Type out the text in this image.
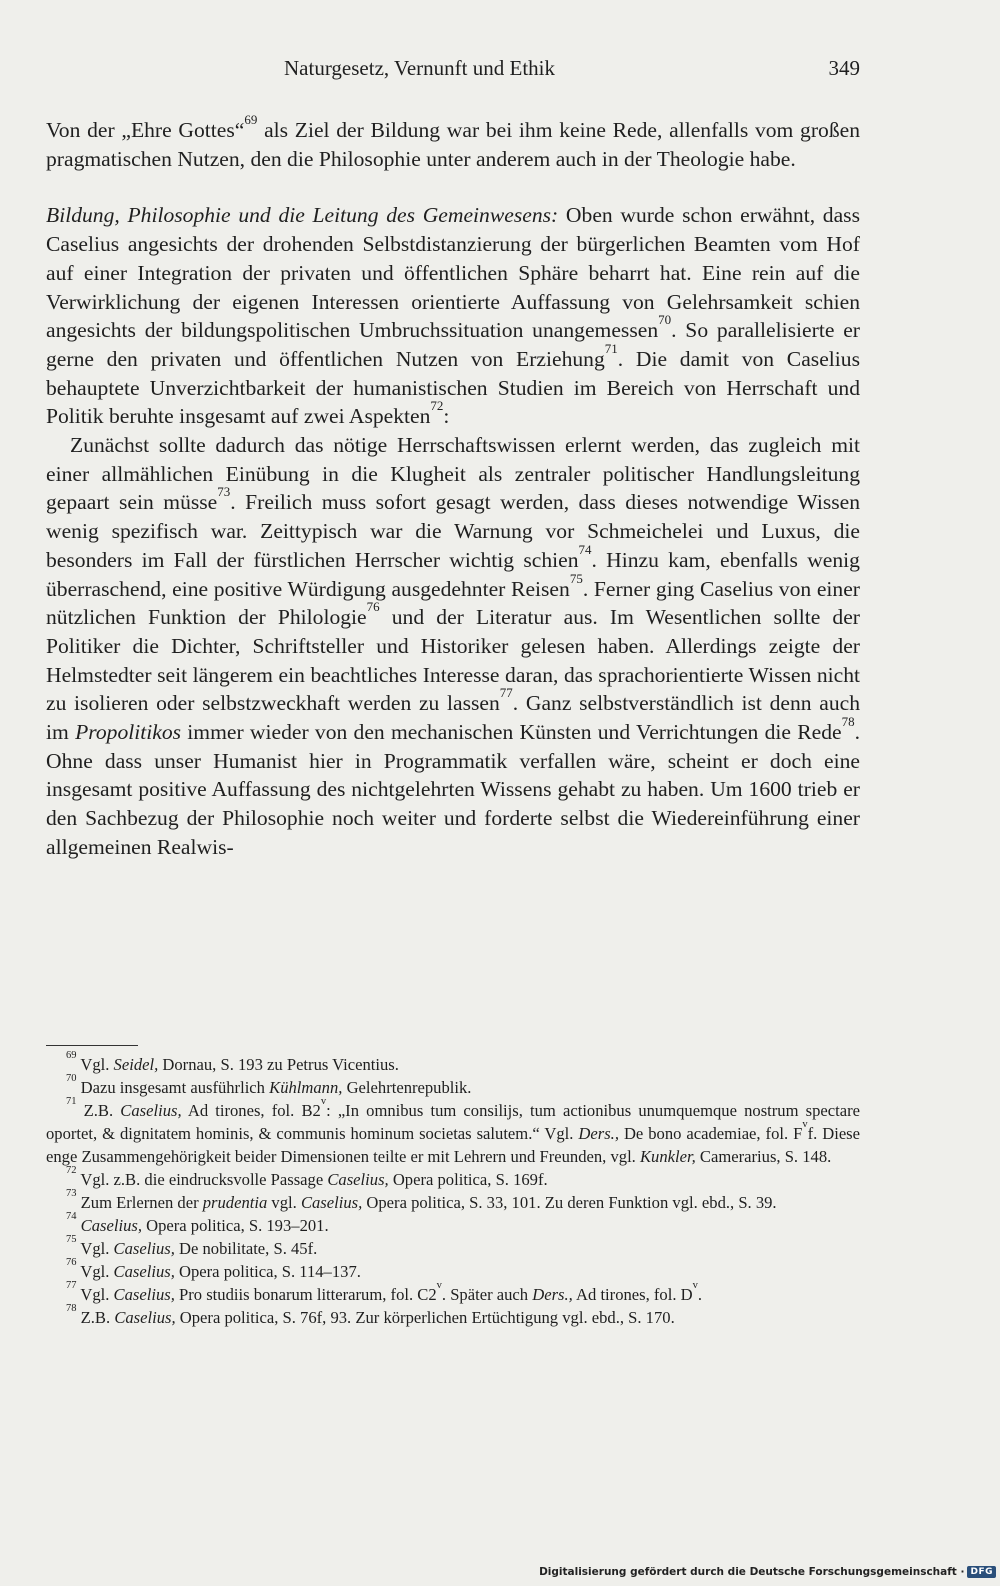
Naturgesetz, Vernunft und Ethik	349

Von der „Ehre Gottes“$^{69}$ als Ziel der Bildung war bei ihm keine Rede, allenfalls vom großen pragmatischen Nutzen, den die Philosophie unter anderem auch in der Theologie habe.

Bildung, Philosophie und die Leitung des Gemeinwesens: Oben wurde schon erwähnt, dass Caselius angesichts der drohenden Selbstdistanzierung der bürgerlichen Beamten vom Hof auf einer Integration der privaten und öffentlichen Sphäre beharrt hat. Eine rein auf die Verwirklichung der eigenen Interessen orientierte Auffassung von Gelehrsamkeit schien angesichts der bildungspolitischen Umbruchssituation unangemessen$^{70}$. So parallelisierte er gerne den privaten und öffentlichen Nutzen von Erziehung$^{71}$. Die damit von Caselius behauptete Unverzichtbarkeit der humanistischen Studien im Bereich von Herrschaft und Politik beruhte insgesamt auf zwei Aspekten$^{72}$:

Zunächst sollte dadurch das nötige Herrschaftswissen erlernt werden, das zugleich mit einer allmählichen Einübung in die Klugheit als zentraler politischer Handlungsleitung gepaart sein müsse$^{73}$. Freilich muss sofort gesagt werden, dass dieses notwendige Wissen wenig spezifisch war. Zeittypisch war die Warnung vor Schmeichelei und Luxus, die besonders im Fall der fürstlichen Herrscher wichtig schien$^{74}$. Hinzu kam, ebenfalls wenig überraschend, eine positive Würdigung ausgedehnter Reisen$^{75}$. Ferner ging Caselius von einer nützlichen Funktion der Philologie$^{76}$ und der Literatur aus. Im Wesentlichen sollte der Politiker die Dichter, Schriftsteller und Historiker gelesen haben. Allerdings zeigte der Helmstedter seit längerem ein beachtliches Interesse daran, das sprachorientierte Wissen nicht zu isolieren oder selbstzweckhaft werden zu lassen$^{77}$. Ganz selbstverständlich ist denn auch im Propolitikos immer wieder von den mechanischen Künsten und Verrichtungen die Rede$^{78}$. Ohne dass unser Humanist hier in Programmatik verfallen wäre, scheint er doch eine insgesamt positive Auffassung des nichtgelehrten Wissens gehabt zu haben. Um 1600 trieb er den Sachbezug der Philosophie noch weiter und forderte selbst die Wiedereinführung einer allgemeinen Realwis-

$^{69}$ Vgl. Seidel, Dornau, S. 193 zu Petrus Vicentius.

$^{70}$ Dazu insgesamt ausführlich Kühlmann, Gelehrtenrepublik.

$^{71}$ Z.B. Caselius, Ad tirones, fol. B2$^v$: „In omnibus tum consilijs, tum actionibus unumquemque nostrum spectare oportet, & dignitatem hominis, & communis hominum societas salutem.“ Vgl. Ders., De bono academiae, fol. $F^vf$. Diese enge Zusammengehörigkeit beider Dimensionen teilte er mit Lehrern und Freunden, vgl. Kunkler, Camerarius, S. 148.

$^{72}$ Vgl. z.B. die eindrucksvolle Passage Caselius, Opera politica, S. 169f.

$^{73}$ Zum Erlernen der prudentia vgl. Caselius, Opera politica, S. 33, 101. Zu deren Funktion vgl. ebd., S. 39.

$^{74}$ Caselius, Opera politica, S. 193–201.

$^{75}$ Vgl. Caselius, De nobilitate, S. 45f.

$^{76}$ Vgl. Caselius, Opera politica, S. 114–137.

$^{77}$ Vgl. Caselius, Pro studiis bonarum litterarum, fol. C2$^v$. Später auch Ders., Ad tirones, fol. $D^v$.

$^{78}$ Z.B. Caselius, Opera politica, S. 76f, 93. Zur körperlichen Ertüchtigung vgl. ebd., S. 170.

Digitalisierung gefördert durch die Deutsche Forschungsgemeinschaft · DFG
